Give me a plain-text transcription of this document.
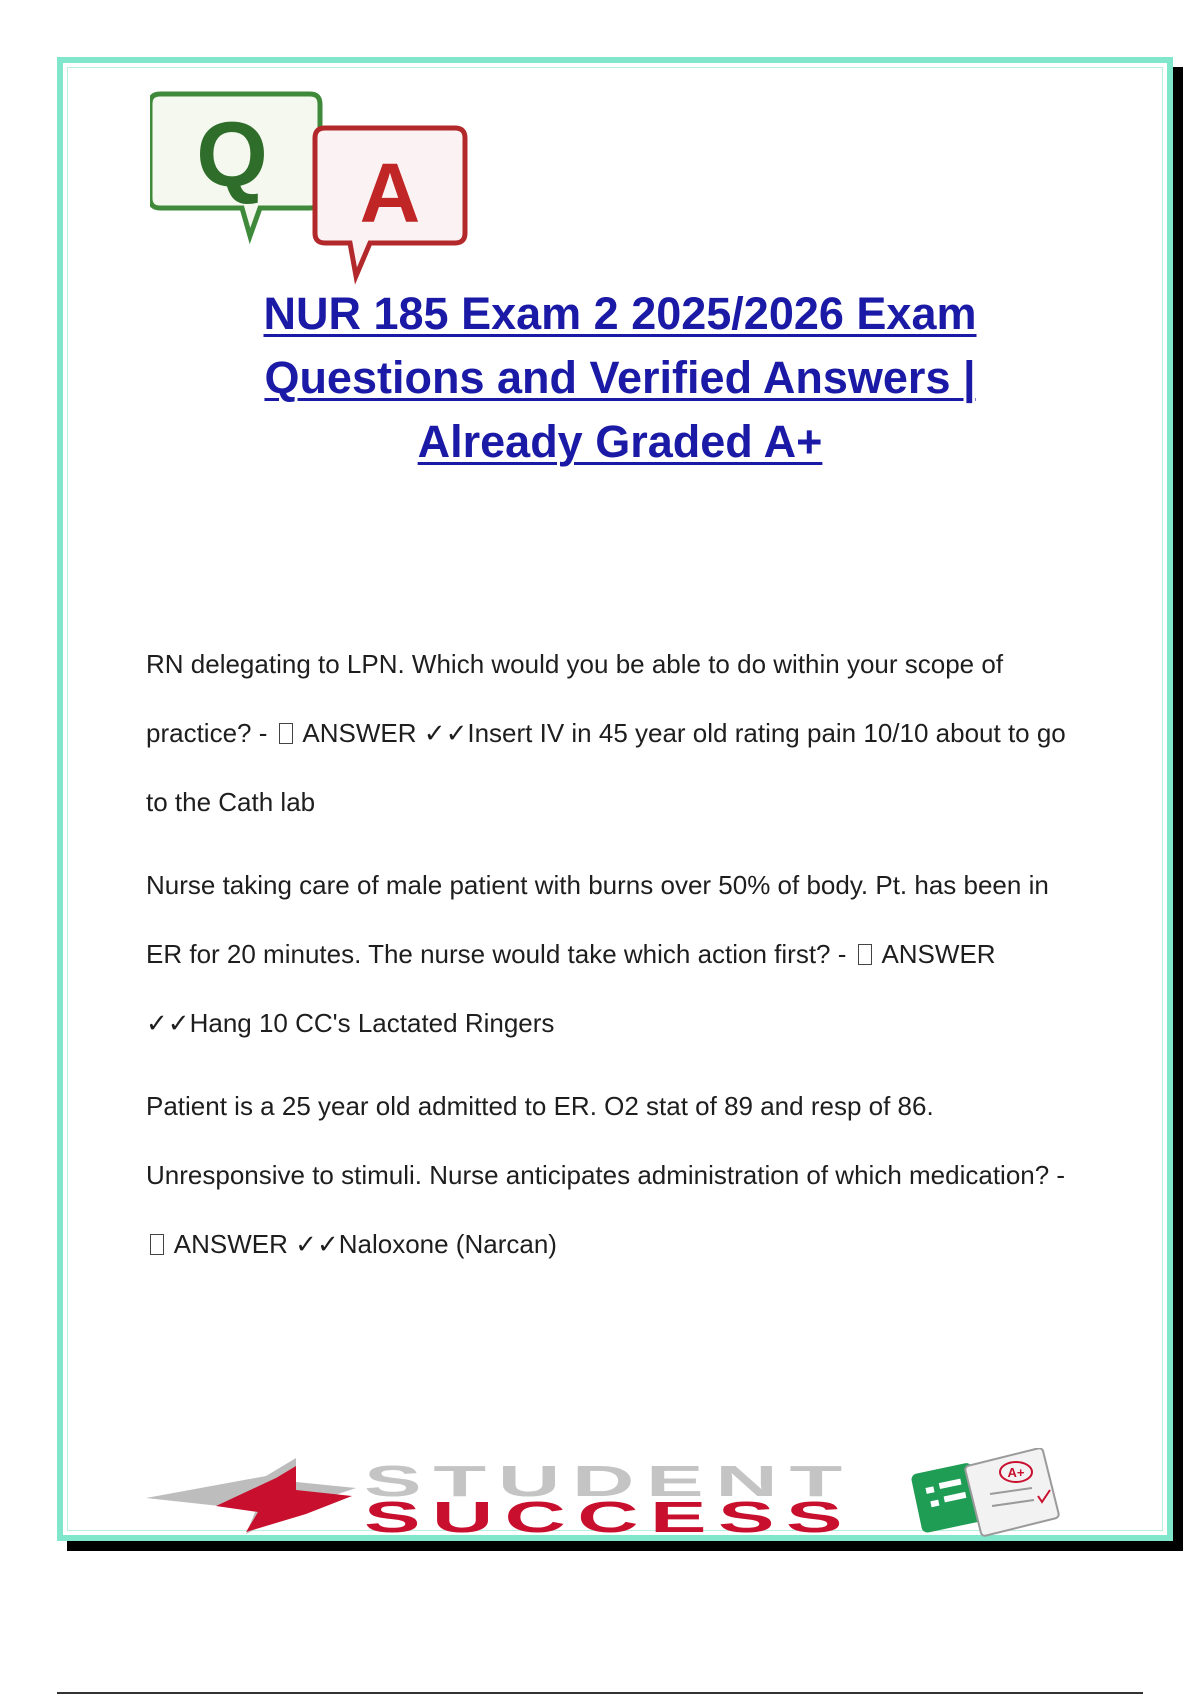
Q A
NUR 185 Exam 2 2025/2026 Exam
Questions and Verified Answers |
Already Graded A+

RN delegating to LPN. Which would you be able to do within your scope of practice? - ANSWER ✓✓Insert IV in 45 year old rating pain 10/10 about to go to the Cath lab

Nurse taking care of male patient with burns over 50% of body. Pt. has been in ER for 20 minutes. The nurse would take which action first? - ANSWER ✓✓Hang 10 CC's Lactated Ringers

Patient is a 25 year old admitted to ER. O2 stat of 89 and resp of 86. Unresponsive to stimuli. Nurse anticipates administration of which medication? -  ANSWER ✓✓Naloxone (Narcan)

STUDENT
SUCCESS
A+
